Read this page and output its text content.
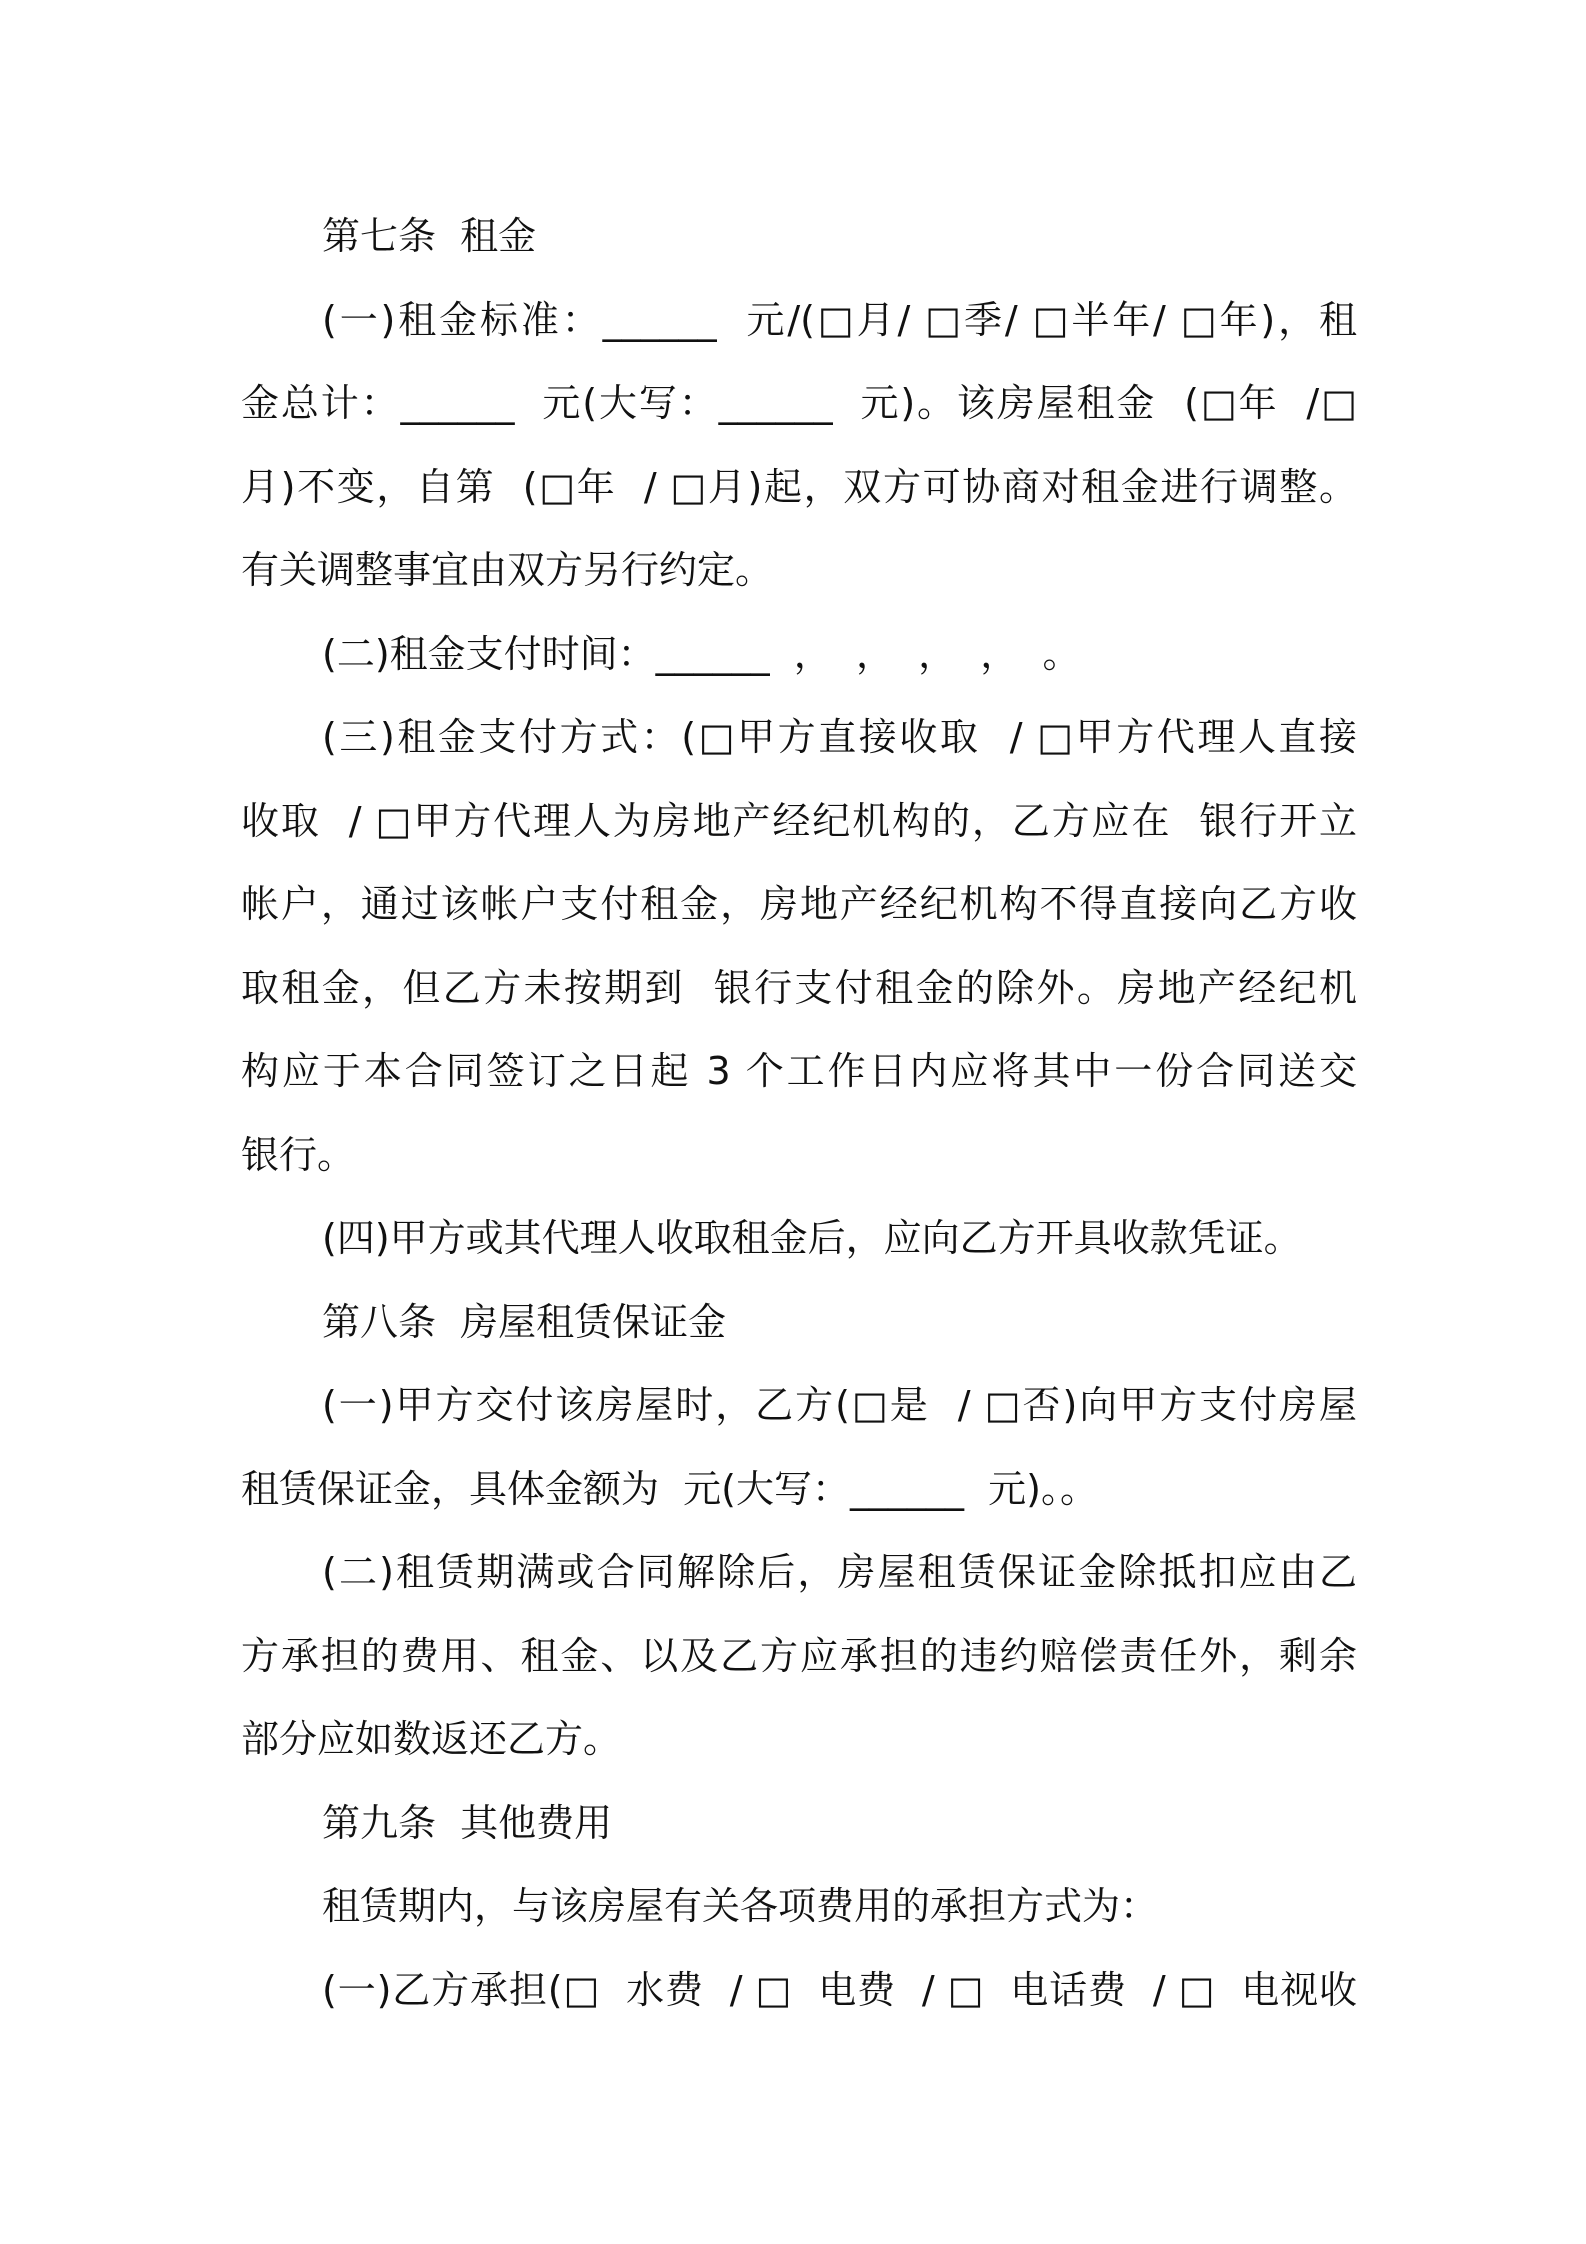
第七条  租金
(一)租金标准：______  元/(□月/ □季/ □半年/ □年)，租
金总计：______  元(大写：______  元)。该房屋租金  (□年  /□
月)不变，自第  (□年  / □月)起，双方可协商对租金进行调整。
有关调整事宜由双方另行约定。
(二)租金支付时间：______  ，  ，  ，  ，  。
(三)租金支付方式：(□甲方直接收取  / □甲方代理人直接
收取  / □甲方代理人为房地产经纪机构的，乙方应在  银行开立
帐户，通过该帐户支付租金，房地产经纪机构不得直接向乙方收
取租金，但乙方未按期到  银行支付租金的除外。房地产经纪机
构应于本合同签订之日起 3 个工作日内应将其中一份合同送交
银行。
(四)甲方或其代理人收取租金后，应向乙方开具收款凭证。
第八条  房屋租赁保证金
(一)甲方交付该房屋时，乙方(□是  / □否)向甲方支付房屋
租赁保证金，具体金额为  元(大写：______  元)。。
(二)租赁期满或合同解除后，房屋租赁保证金除抵扣应由乙
方承担的费用、租金、以及乙方应承担的违约赔偿责任外，剩余
部分应如数返还乙方。
第九条  其他费用
租赁期内，与该房屋有关各项费用的承担方式为：
(一)乙方承担(□  水费  / □  电费  / □  电话费  / □  电视收
